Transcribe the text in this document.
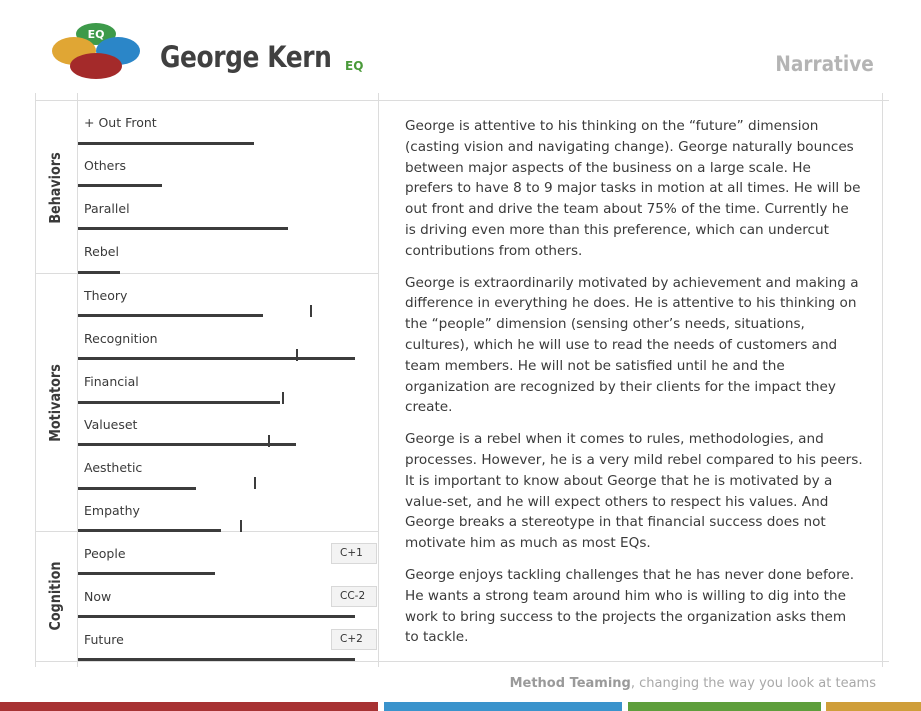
EQ
George Kern EQ	Narrative
Behaviors
Motivators
Cognition
+ Out Front
Others
Parallel
Rebel
Theory
Recognition
Financial
Valueset
Aesthetic
Empathy
People	C+1
Now	CC-2
Future	C+2

George is attentive to his thinking on the “future” dimension (casting vision and navigating change). George naturally bounces between major aspects of the business on a large scale. He prefers to have 8 to 9 major tasks in motion at all times. He will be out front and drive the team about 75% of the time. Currently he is driving even more than this preference, which can undercut contributions from others.

George is extraordinarily motivated by achievement and making a difference in everything he does. He is attentive to his thinking on the “people” dimension (sensing other’s needs, situations, cultures), which he will use to read the needs of customers and team members. He will not be satisfied until he and the organization are recognized by their clients for the impact they create.

George is a rebel when it comes to rules, methodologies, and processes. However, he is a very mild rebel compared to his peers. It is important to know about George that he is motivated by a value-set, and he will expect others to respect his values. And George breaks a stereotype in that financial success does not motivate him as much as most EQs.

George enjoys tackling challenges that he has never done before. He wants a strong team around him who is willing to dig into the work to bring success to the projects the organization asks them to tackle.

Method Teaming, changing the way you look at teams
